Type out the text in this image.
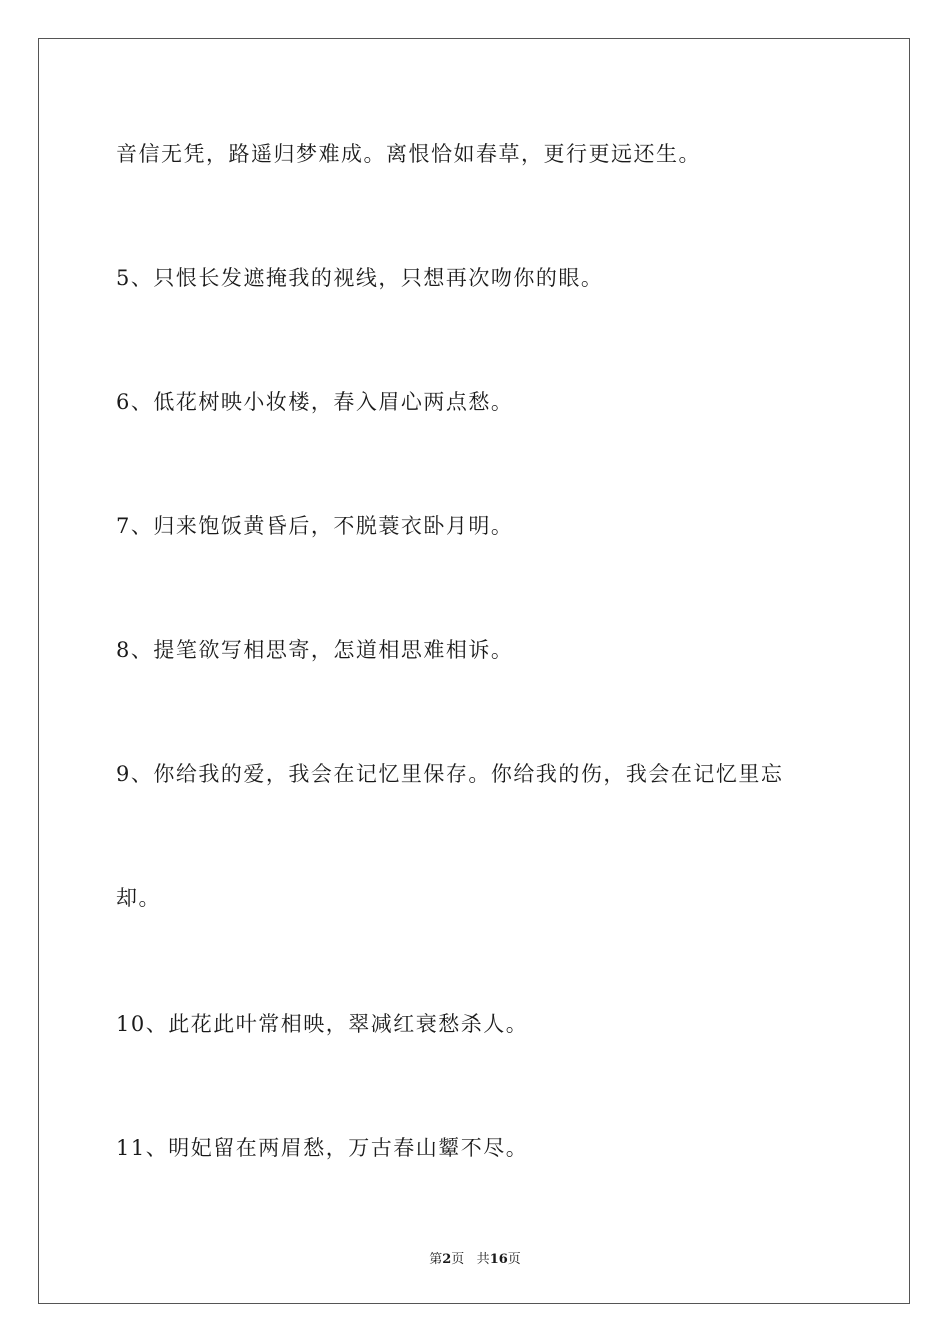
音信无凭，路遥归梦难成。离恨恰如春草，更行更远还生。
5、只恨长发遮掩我的视线，只想再次吻你的眼。
6、低花树映小妆楼，春入眉心两点愁。
7、归来饱饭黄昏后，不脱蓑衣卧月明。
8、提笔欲写相思寄，怎道相思难相诉。
9、你给我的爱，我会在记忆里保存。你给我的伤，我会在记忆里忘
却。
10、此花此叶常相映，翠减红衰愁杀人。
11、明妃留在两眉愁，万古春山颦不尽。
第2页 共16页
